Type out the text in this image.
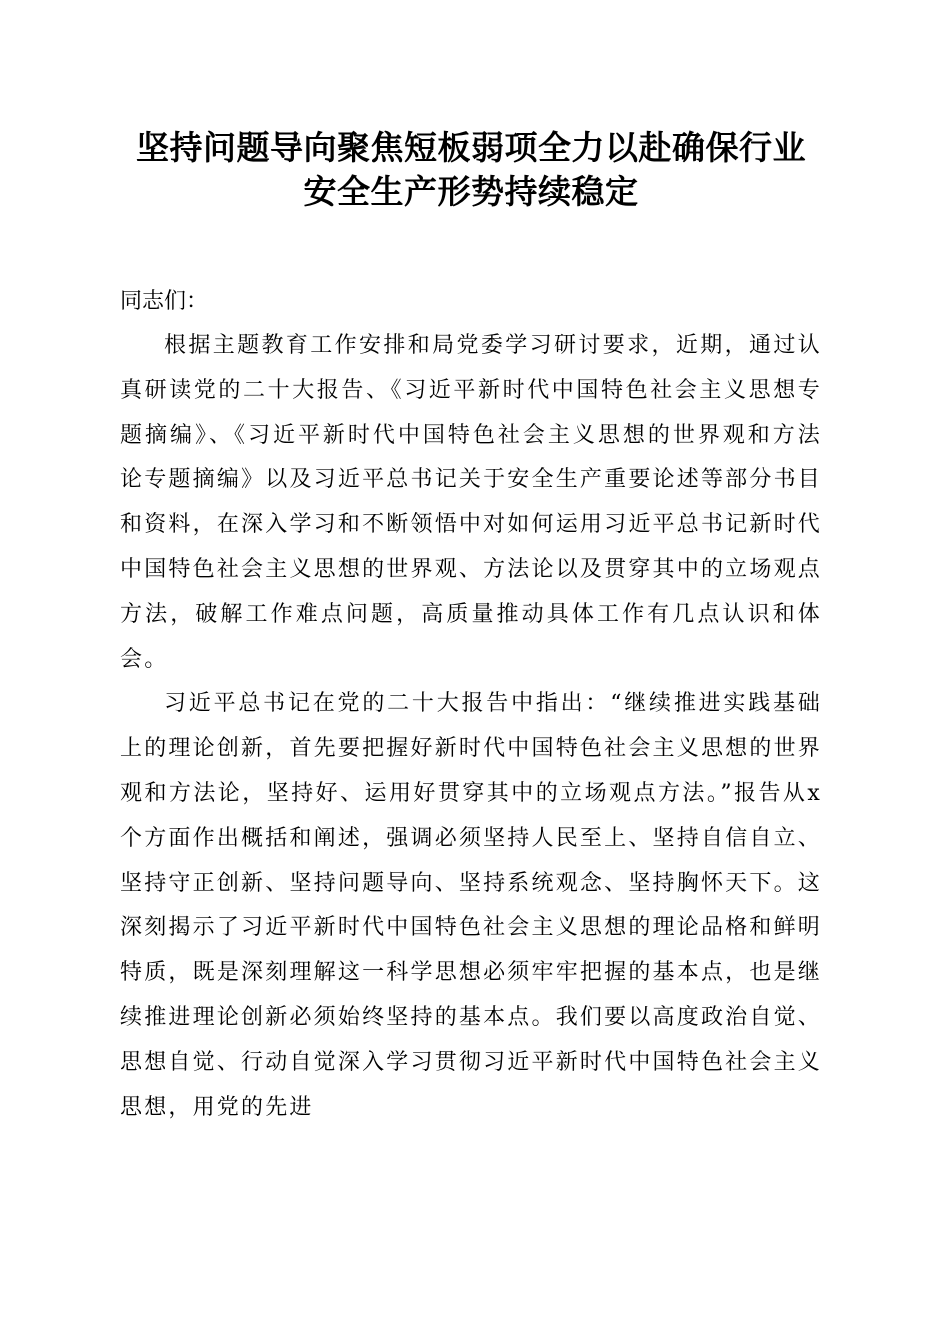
坚持问题导向聚焦短板弱项全力以赴确保行业
安全生产形势持续稳定

同志们：

根据主题教育工作安排和局党委学习研讨要求，近期，通过认真研读党的二十大报告、《习近平新时代中国特色社会主义思想专题摘编》、《习近平新时代中国特色社会主义思想的世界观和方法论专题摘编》以及习近平总书记关于安全生产重要论述等部分书目和资料，在深入学习和不断领悟中对如何运用习近平总书记新时代中国特色社会主义思想的世界观、方法论以及贯穿其中的立场观点方法，破解工作难点问题，高质量推动具体工作有几点认识和体会。

习近平总书记在党的二十大报告中指出：“继续推进实践基础上的理论创新，首先要把握好新时代中国特色社会主义思想的世界观和方法论，坚持好、运用好贯穿其中的立场观点方法。”报告从x个方面作出概括和阐述，强调必须坚持人民至上、坚持自信自立、坚持守正创新、坚持问题导向、坚持系统观念、坚持胸怀天下。这深刻揭示了习近平新时代中国特色社会主义思想的理论品格和鲜明特质，既是深刻理解这一科学思想必须牢牢把握的基本点，也是继续推进理论创新必须始终坚持的基本点。我们要以高度政治自觉、思想自觉、行动自觉深入学习贯彻习近平新时代中国特色社会主义思想，用党的先进
